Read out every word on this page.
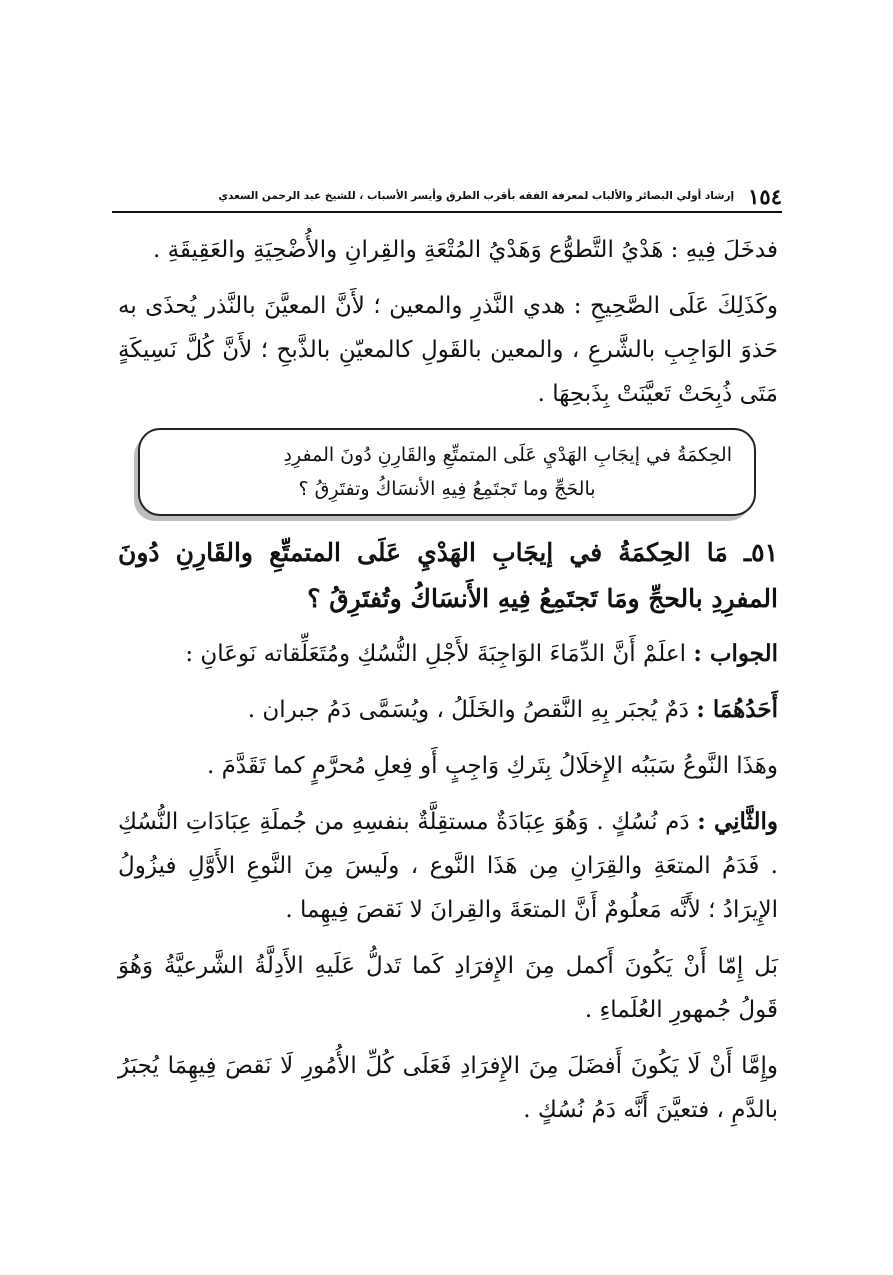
١٥٤
إرشاد أولي البصائر والألباب لمعرفة الفقه بأقرب الطرق وأيسر الأسباب ، للشيخ عبد الرحمن السعدي

فدخَلَ فِيهِ : هَدْيُ التَّطوُّع وَهَدْيُ المُتْعَةِ والقِرانِ والأُضْحِيَةِ والعَقِيقَةِ .

وكَذَلِكَ عَلَى الصَّحِيحِ : هدي النَّذرِ والمعين ؛ لأَنَّ المعيَّنَ بالنَّذر يُحذَى به حَذوَ الوَاجِبِ بالشَّرعِ ، والمعين بالقَولِ كالمعيّنِ بالذَّبحِ ؛ لأَنَّ كُلَّ نَسِيكَةٍ مَتَى ذُبِحَتْ تَعيَّنَتْ بِذَبحِهَا .

الحِكمَةُ في إيجَابِ الهَدْيِ عَلَى المتمتِّعِ والقَارِنِ دُونَ المفرِدِ

بالحَجِّ وما تَجتَمِعُ فِيهِ الأنسَاكُ وتفتَرِقُ ؟

٥١ـ مَا الحِكمَةُ في إيجَابِ الهَدْيِ عَلَى المتمتِّعِ والقَارِنِ دُونَ المفرِدِ بالحجِّ ومَا تَجتَمِعُ فِيهِ الأَنسَاكُ وتُفتَرِقُ ؟

الجواب : اعلَمْ أَنَّ الدِّمَاءَ الوَاجِبَةَ لأَجْلِ النُّسُكِ ومُتَعَلِّقاته نَوعَانِ :

أَحَدُهُمَا : دَمٌ يُجبَر بِهِ النَّقصُ والخَلَلُ ، ويُسَمَّى دَمُ جبران .

وهَذَا النَّوعُ سَبَبُه الإِخلَالُ بِتَركِ وَاجِبٍ أَو فِعلِ مُحرَّمٍ كما تَقَدَّمَ .

والثَّانِي : دَم نُسُكٍ . وَهُوَ عِبَادَةٌ مستقِلَّةٌ بنفسِهِ من جُملَةِ عِبَادَاتِ النُّسُكِ . فَدَمُ المتعَةِ والقِرَانِ مِن هَذَا النَّوع ، ولَيسَ مِنَ النَّوعِ الأَوَّلِ فيزُولُ الإِيرَادُ ؛ لأَنَّه مَعلُومٌ أَنَّ المتعَةَ والقِرانَ لا نَقصَ فِيهِما .

بَل إِمّا أَنْ يَكُونَ أَكمل مِنَ الإِفرَادِ كَما تَدلُّ عَلَيهِ الأَدِلَّةُ الشَّرعيَّةُ وَهُوَ قَولُ جُمهورِ العُلَماءِ .

وإِمَّا أَنْ لَا يَكُونَ أَفضَلَ مِنَ الإِفرَادِ فَعَلَى كُلِّ الأُمُورِ لَا نَقصَ فِيهِمَا يُجبَرُ بالدَّمِ ، فتعيَّنَ أَنَّه دَمُ نُسُكٍ .
